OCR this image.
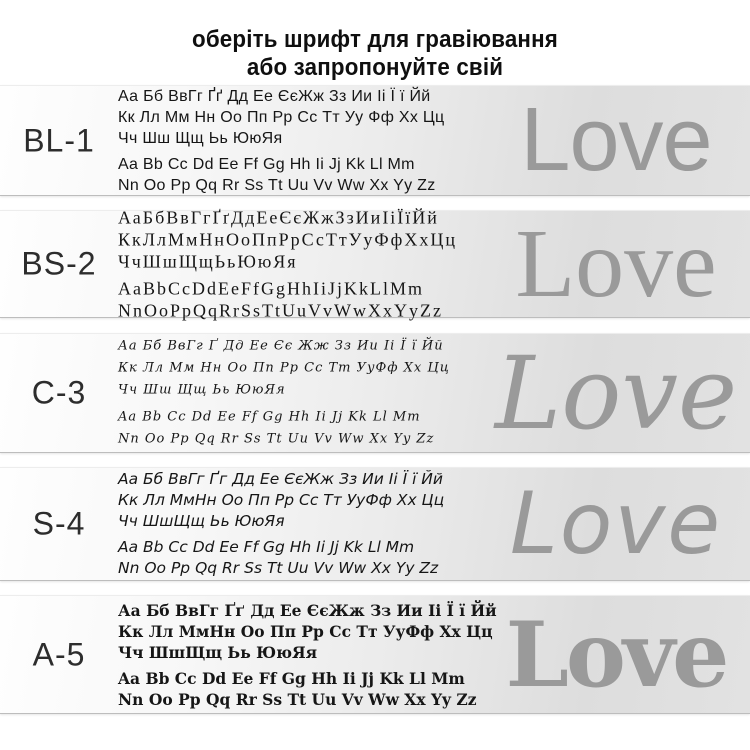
оберіть шрифт для гравіювання
або запропонуйте свій
BL-1
Аа Бб ВвГг Ґґ Дд Ее ЄєЖж Зз Ии Іі Ї ї Йй
Кк Лл Мм Нн Оо Пп Рр Сс Тт Уу Фф Хх Цц
Чч Шш Щщ Ьь ЮюЯя
Aa Bb Cc Dd Ee Ff Gg Hh Ii Jj Kk Ll Mm
Nn Oo Pp Qq Rr Ss Tt Uu Vv Ww Xx Yy Zz Love
BS-2
АаБбВвГгҐґДдЕеЄєЖжЗзИиІіЇїЙй
КкЛлМмНнОоПпРрСсТтУуФфХхЦц
ЧчШшЩщЬьЮюЯя
AaBbCcDdEeFfGgHhIiJjKkLlMm
NnOoPpQqRrSsTtUuVvWwXxYyZz Love
C-3
Аа Бб ВвГг Ґ Дд Ее Єє Жж Зз Ии Іі Ї ї Йй
Кк Лл Мм Нн Оо Пп Рр Сс Тт УуФф Хх Цц
Чч Шш Щщ Ьь ЮюЯя
Aa Bb Cc Dd Ee Ff Gg Hh Ii Jj Kk Ll Mm
Nn Oo Pp Qq Rr Ss Tt Uu Vv Ww Xx Yy Zz Love
S-4
Аа Бб ВвГг Ґг Дд Ее ЄєЖж Зз Ии Іі Ї ї Йй
Кк Лл МмНн Оо Пп Рр Сс Тт УуФф Хх Цц
Чч ШшЩщ Ьь ЮюЯя
Aa Bb Cc Dd Ee Ff Gg Hh Ii Jj Kk Ll Mm
Nn Oo Pp Qq Rr Ss Tt Uu Vv Ww Xx Yy Zz Love
A-5
Аа Бб ВвГг Ґґ Дд Ее ЄєЖж Зз Ии Іі Ї ї Йй
Кк Лл МмНн Оо Пп Рр Сс Тт УуФф Хх Цц
Чч ШшЩщ Ьь ЮюЯя
Aa Bb Cc Dd Ee Ff Gg Hh Ii Jj Kk Ll Mm
Nn Oo Pp Qq Rr Ss Tt Uu Vv Ww Xx Yy Zz Love
